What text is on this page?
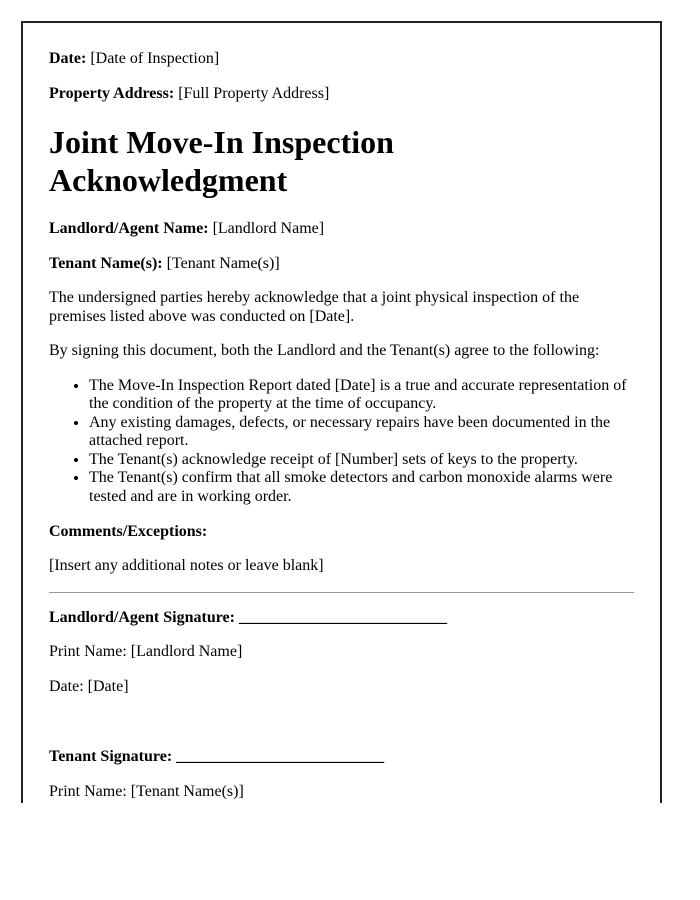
Date: [Date of Inspection]

Property Address: [Full Property Address]

Joint Move-In Inspection Acknowledgment

Landlord/Agent Name: [Landlord Name]

Tenant Name(s): [Tenant Name(s)]

The undersigned parties hereby acknowledge that a joint physical inspection of the premises listed above was conducted on [Date].

By signing this document, both the Landlord and the Tenant(s) agree to the following:

• The Move-In Inspection Report dated [Date] is a true and accurate representation of the condition of the property at the time of occupancy.
• Any existing damages, defects, or necessary repairs have been documented in the attached report.
• The Tenant(s) acknowledge receipt of [Number] sets of keys to the property.
• The Tenant(s) confirm that all smoke detectors and carbon monoxide alarms were tested and are in working order.

Comments/Exceptions:

[Insert any additional notes or leave blank]

Landlord/Agent Signature: __________________________

Print Name: [Landlord Name]

Date: [Date]

Tenant Signature: __________________________

Print Name: [Tenant Name(s)]
